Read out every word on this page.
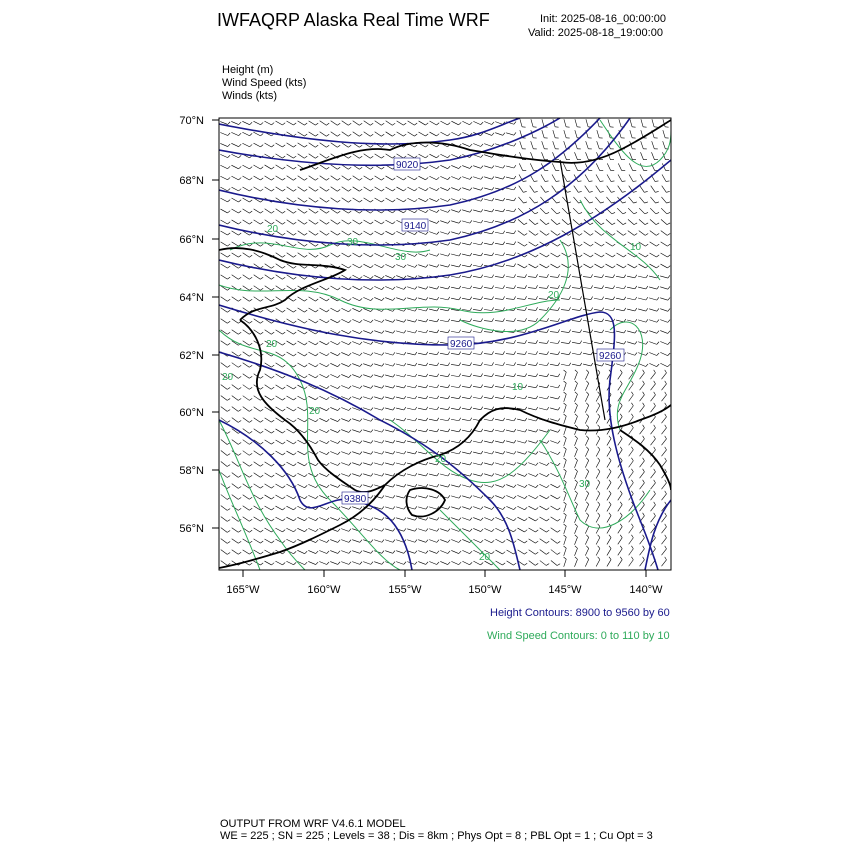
IWFAQRP Alaska Real Time WRF	Init: 2025-08-16_00:00:00
Valid: 2025-08-18_19:00:00
Height (m)
Wind Speed (kts)
Winds (kts)
9020
9140
9260
9260
9380
20
30
30
20
20
20
20
20
30
20
10
10
70°N
68°N
66°N
64°N
62°N
60°N
58°N
56°N
165°W	160°W	155°W	150°W	145°W	140°W
Height Contours: 8900 to 9560 by 60
Wind Speed Contours: 0 to 110 by 10
OUTPUT FROM WRF V4.6.1 MODEL
WE = 225 ; SN = 225 ; Levels = 38 ; Dis = 8km ; Phys Opt = 8 ; PBL Opt = 1 ; Cu Opt = 3
